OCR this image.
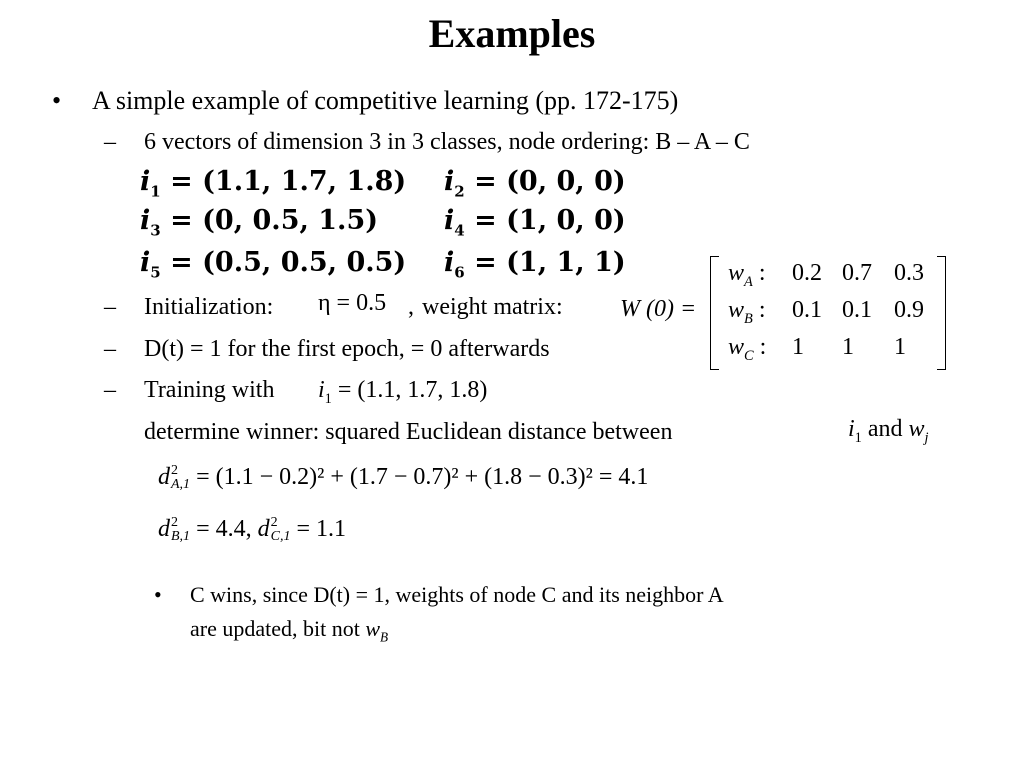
Examples
• A simple example of competitive learning (pp. 172-175)
– 6 vectors of dimension 3 in 3 classes, node ordering: B – A – C
$i_1 = (1.1$, 1.7, 1.8) $i_2 = (0$, 0, 0)
$i_3 = (0$, 0.5, 1.5) $i_4 = (1$, 0, 0)
$i_5 = (0.5$, 0.5, 0.5) $i_6 = (1$, 1, 1)
– Initialization: η = 0.5 , weight matrix: W (0) =
$w_A$ : 0.2 0.7 0.3
$w_B$ : 0.1 0.1 0.9
$w_C$ : 1 1 1
– D(t) = 1 for the first epoch, = 0 afterwards
– Training with $i_1 = (1.1$, 1.7, 1.8)
determine winner: squared Euclidean distance between	$i_1$ and $w_j$
d 2
A,1 = (1.1 − 0.2)² + (1.7 − 0.7)² + (1.8 − 0.3)² = 4.1
d 2
B,1 = 4.4, d 2
C,1 = 1.1
• C wins, since D(t) = 1, weights of node C and its neighbor A
are updated, bit not $w_B$
